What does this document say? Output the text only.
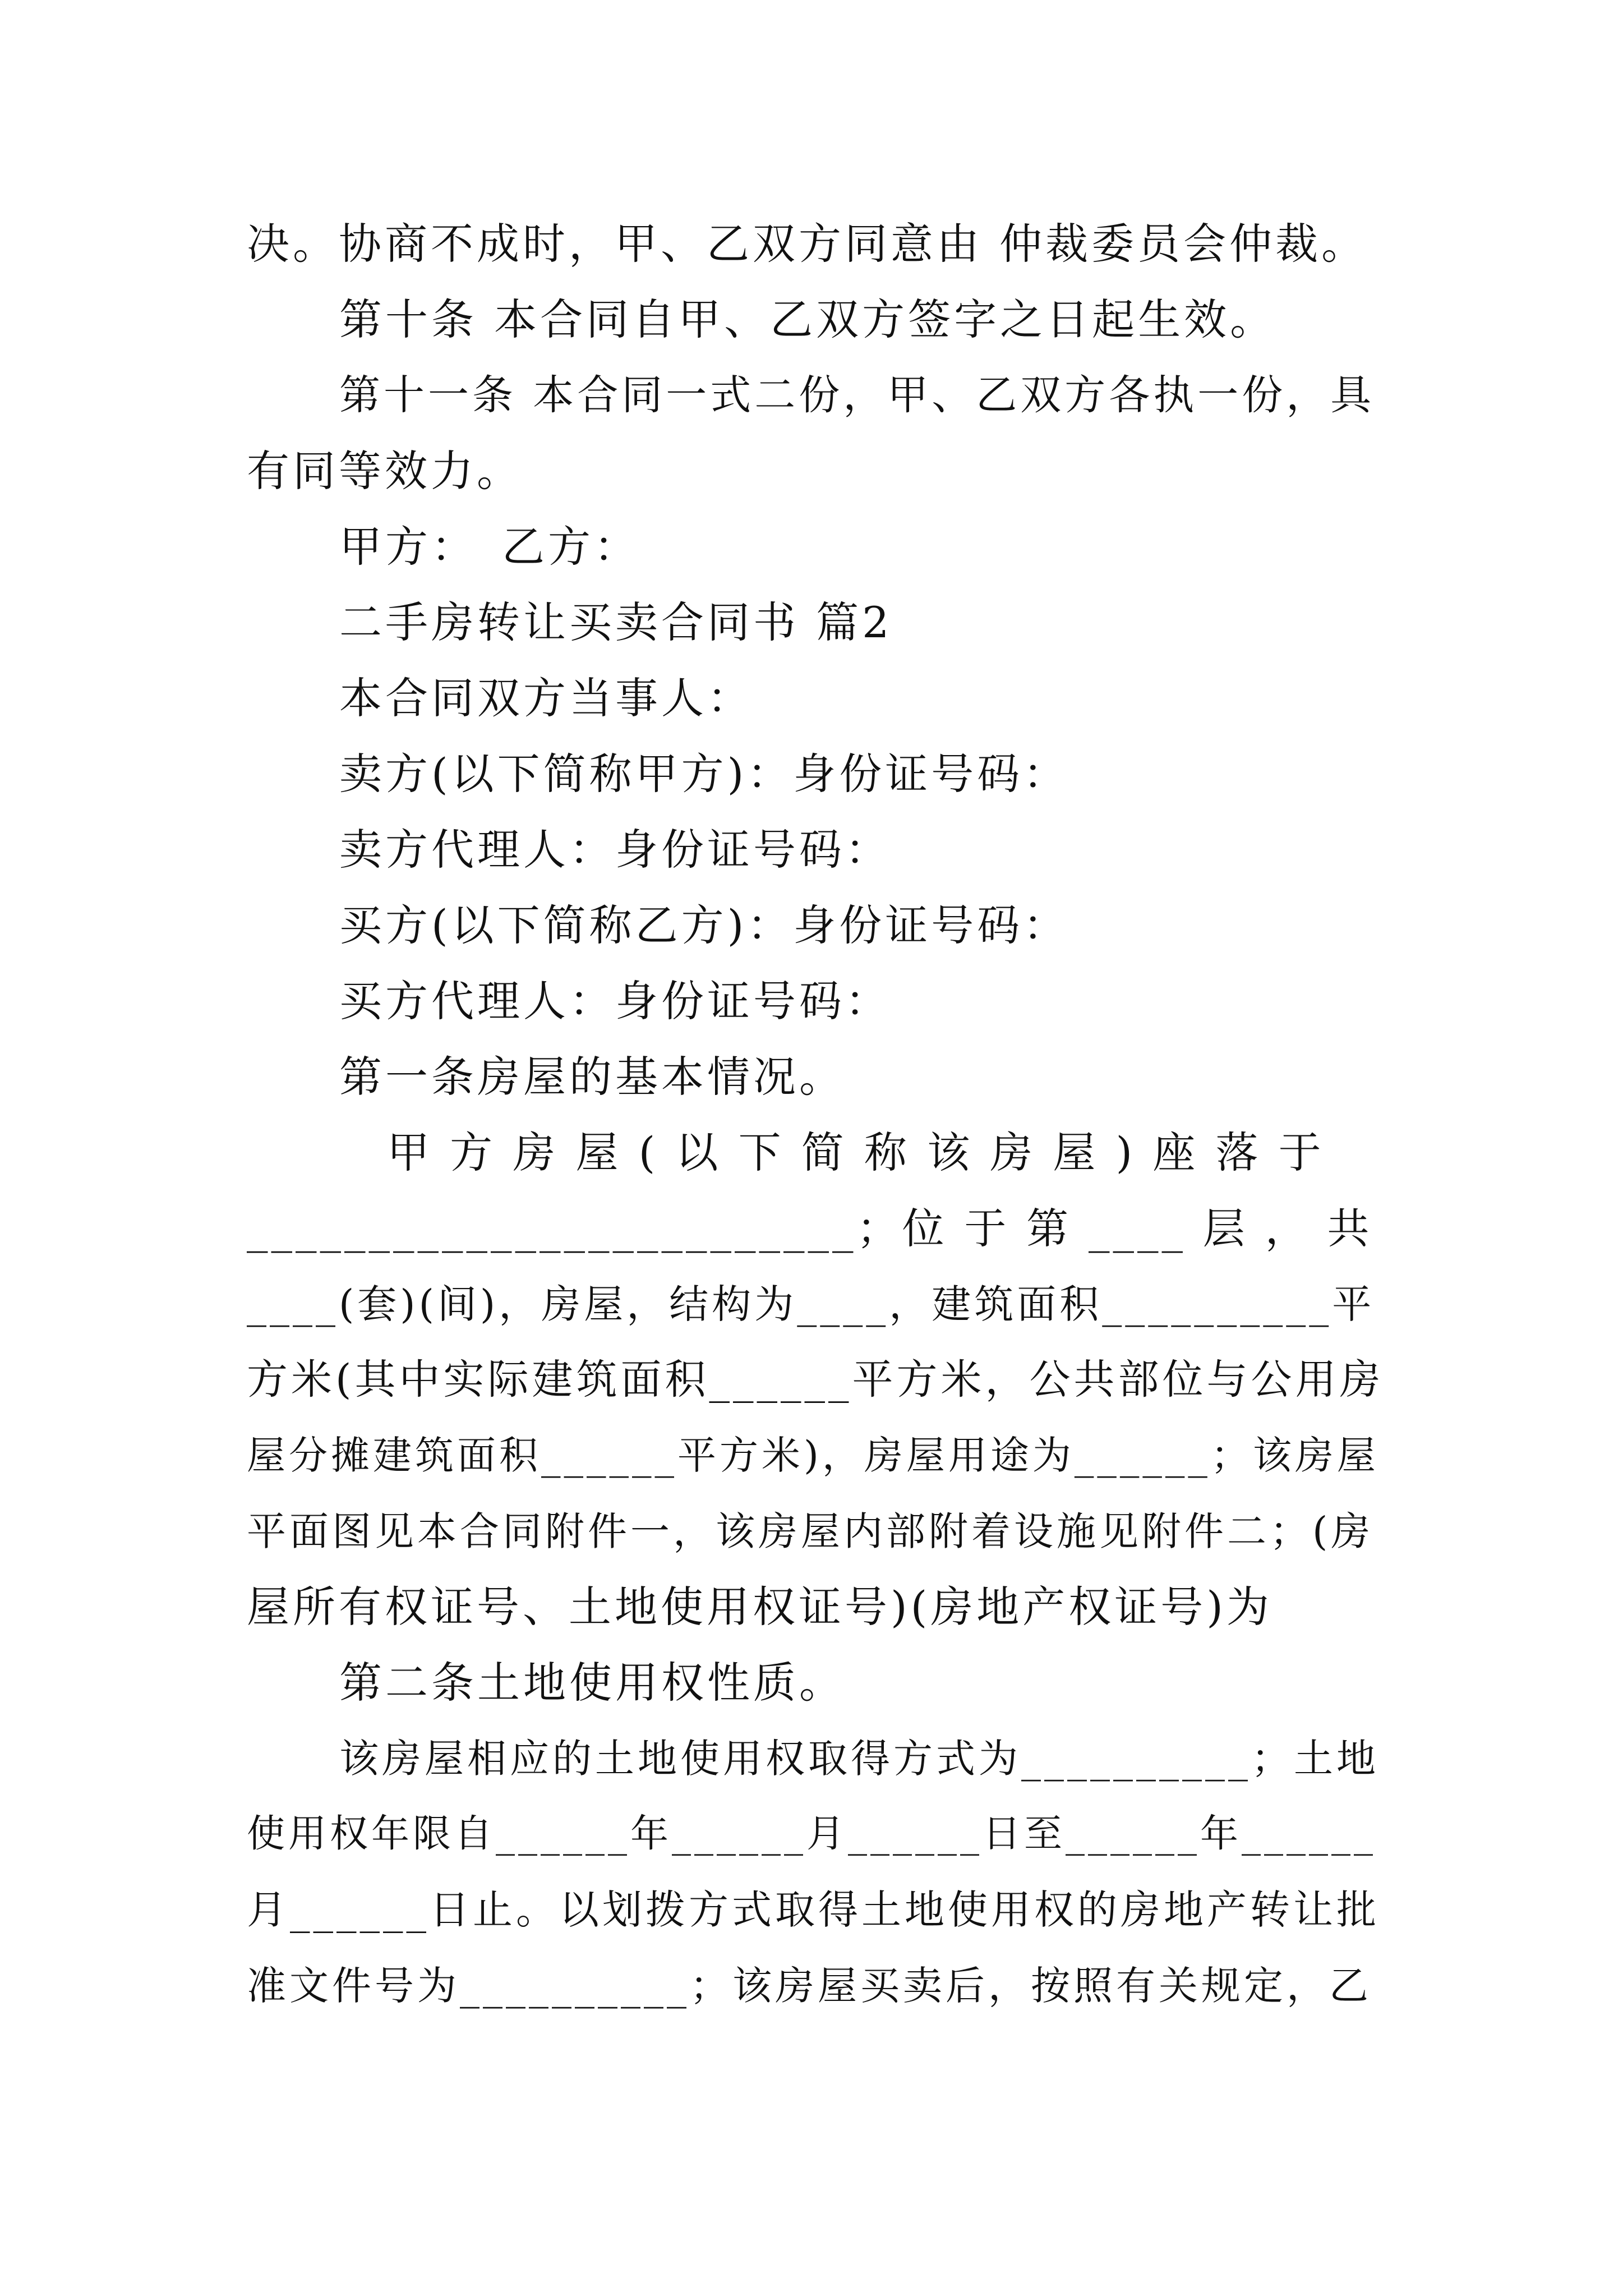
决。协商不成时，甲、乙双方同意由 仲裁委员会仲裁。
第十条 本合同自甲、乙双方签字之日起生效。
第十一条 本合同一式二份，甲、乙双方各执一份，具
有同等效力。
甲方：　乙方：
二手房转让买卖合同书 篇2
本合同双方当事人：
卖方(以下简称甲方)：身份证号码：
卖方代理人：身份证号码：
买方(以下简称乙方)：身份证号码：
买方代理人：身份证号码：
第一条房屋的基本情况。
甲 方 房 屋 ( 以 下 简 称 该 房 屋 ) 座 落 于
_________________________；位 于 第 ____ 层 ， 共
____(套)(间)，房屋，结构为____，建筑面积__________平
方米(其中实际建筑面积______平方米，公共部位与公用房
屋分摊建筑面积______平方米)，房屋用途为______；该房屋
平面图见本合同附件一，该房屋内部附着设施见附件二；(房
屋所有权证号、土地使用权证号)(房地产权证号)为
第二条土地使用权性质。
该房屋相应的土地使用权取得方式为__________；土地
使用权年限自______年______月______日至______年______
月______日止。以划拨方式取得土地使用权的房地产转让批
准文件号为__________；该房屋买卖后，按照有关规定，乙
